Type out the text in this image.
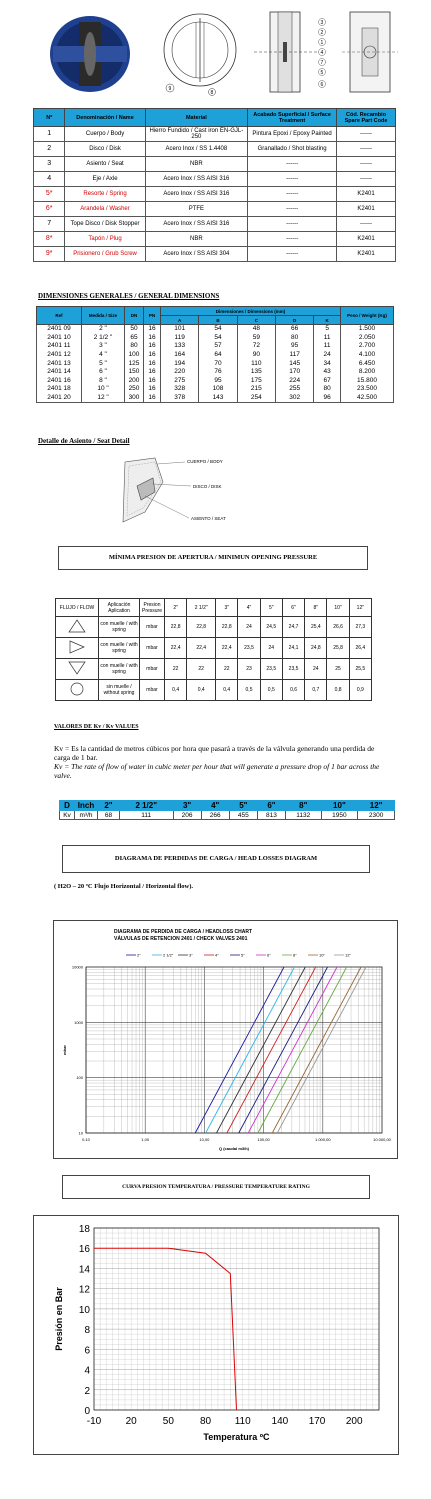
9
8
3
2
1
4
7
5
6
Nº	Denominación / Name	Material	Acabado Superficial / Surface Treatment	Cód. Recambio Spare Part Code
1	Cuerpo / Body	Hierro Fundido / Cast iron EN-GJL-250	Pintura Epoxi / Epoxy Painted	------
2	Disco / Disk	Acero Inox / SS 1.4408	Granallado / Shot blasting	------
3	Asiento / Seat	NBR	------	------
4	Eje / Axle	Acero Inox / SS AISI 316	------	------
5*	Resorte / Spring	Acero Inox / SS AISI 316	------	K2401
6*	Arandela / Washer	PTFE	------	K2401
7	Tope Disco / Disk Stopper	Acero Inox / SS AISI 316	------	------
8*	Tapón / Plug	NBR	------	K2401
9*	Prisionero / Grub Screw	Acero Inox / SS AISI 304	------	K2401
DIMENSIONES GENERALES / GENERAL DIMENSIONS
Ref	Medida / Size	DN	PN	Dimensiones / Dimensions (mm)					Peso / Weight (Kg)
				A	B	C	D	K	
2401 09	2 "	50	16	101	54	48	66	5	1.500
2401 10	2 1/2 "	65	16	119	54	59	80	11	2.050
2401 11	3 "	80	16	133	57	72	95	11	2.700
2401 12	4 "	100	16	164	64	90	117	24	4.100
2401 13	5 "	125	16	194	70	110	145	34	6.450
2401 14	6 "	150	16	220	76	135	170	43	8.200
2401 16	8 "	200	16	275	95	175	224	67	15.800
2401 18	10 "	250	16	328	108	215	255	80	23.500
2401 20	12 "	300	16	378	143	254	302	96	42.500
Detalle de Asiento / Seat Detail
CUERPO / BODY
DISCO / DISK
ASIENTO / SEAT
MÍNIMA PRESION DE APERTURA / MINIMUN OPENING PRESSURE
FLUJO / FLOW	Aplicación Aplication	Presion Pressure	2"	2 1/2"	3"	4"	5"	6"	8"	10"	12"
	con muelle / with spring	mbar	22,8	22,8	22,8	24	24,5	24,7	25,4	26,6	27,3
	con muelle / with spring	mbar	22,4	22,4	22,4	23,5	24	24,1	24,8	25,8	26,4
	con muelle / with spring	mbar	22	22	22	23	23,5	23,5	24	25	25,5
	sin muelle / without spring	mbar	0,4	0,4	0,4	0,5	0,5	0,6	0,7	0,8	0,9
VALORES DE Kv / Kv VALUES
Kv = Es la cantidad de metros cúbicos por hora que pasará a través de la válvula generando una perdida de carga de 1 bar.
Kv = The rate of flow of water in cubic meter per hour that will generate a pressure drop of 1 bar across the valve.
D	Inch	2"	2 1/2"	3"	4"	5"	6"	8"	10"	12"
Kv	m³/h	68	111	206	266	455	813	1132	1950	2300
DIAGRAMA DE PERDIDAS DE CARGA / HEAD LOSSES DIAGRAM
( H2O – 20 ºC Flujo Horizontal / Horizontal flow).
DIAGRAMA DE PERDIDA DE CARGA / HEADLOSS CHART
VÁLVULAS DE RETENCION 2401 / CHECK VALVES 2401
0,10	1,00	10,00	100,00	1.000,00	10.000,00
10
100
1000
10000
Q (caudal m3/h)
mbar
2"	2 1/2"	3"	4"	5"	6"	8"	10"	12"
CURVA PRESION TEMPERATURA / PRESSURE TEMPERATURE RATING
-10 20	50	80 110 140 170 200
0
2
4
6
8
10
12
14
16
18
Temperatura ºC
Presión en Bar
